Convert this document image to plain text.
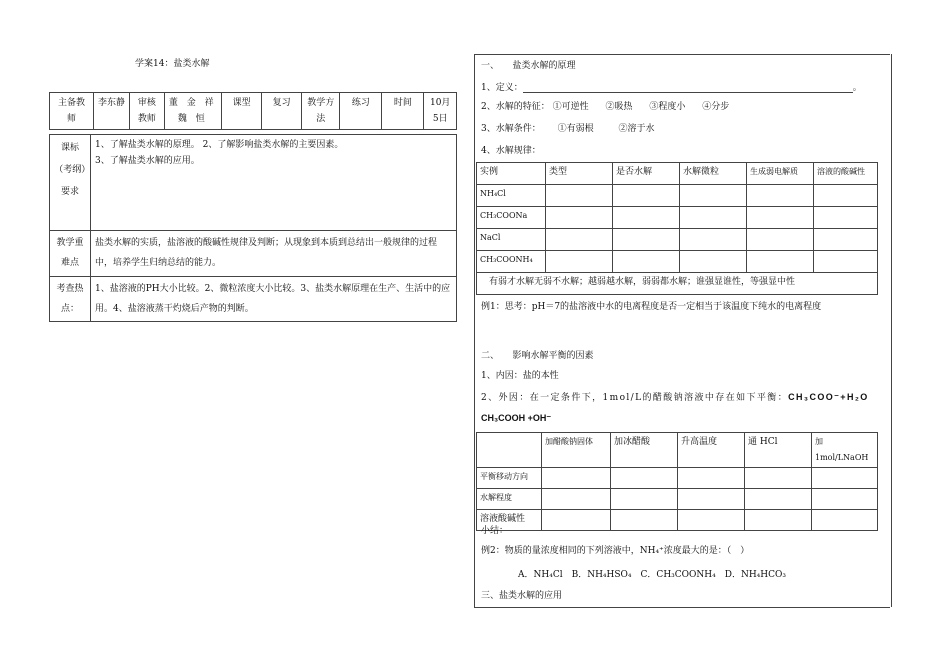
学案14：盐类水解
主备教师	李东静	审核教师	董 金 祥 魏 恒	课型	复习	教学方法	练习	时间	10月5日
课标（考纲）要求	1、了解盐类水解的原理。 2、了解影响盐类水解的主要因素。
3、了解盐类水解的应用。

教学重难点	盐类水解的实质，盐溶液的酸碱性规律及判断；从现象到本质到总结出一般规律的过程中，培养学生归纳总结的能力。
考查热点：	1、盐溶液的PH大小比较。2、微粒浓度大小比较。3、盐类水解原理在生产、生活中的应用。4、盐溶液蒸干灼烧后产物的判断。
一、　　盐类水解的原理
1、定义：	。
2、水解的特征： ①可逆性 ②吸热 ③程度小 ④分步
3、水解条件： ①有弱根	②溶于水
4、水解规律：
实例	类型	是否水解	水解微粒	生成弱电解质	溶液的酸碱性
NH₄Cl					
CH₃COONa					
NaCl					
CH₃COONH₄					
有弱才水解无弱不水解；越弱越水解，弱弱都水解；谁强显谁性，等强显中性					
例1：思考：pH＝7的盐溶液中水的电离程度是否一定相当于该温度下纯水的电离程度
二、　　影响水解平衡的因素
1、内因：盐的本性
2、外因：在一定条件下，1mol/L的醋酸钠溶液中存在如下平衡：CH₃COO⁻+H₂O
CH₃COOH +OH⁻
	加醋酸钠固体	加冰醋酸	升高温度	通 HCl	加 1mol/LNaOH
平衡移动方向					
水解程度					
溶液酸碱性					
小结：
例2：物质的量浓度相同的下列溶液中，NH₄⁺浓度最大的是：（　）
A．NH₄Cl　B．NH₄HSO₄　C．CH₃COONH₄　D．NH₄HCO₃
三、盐类水解的应用
